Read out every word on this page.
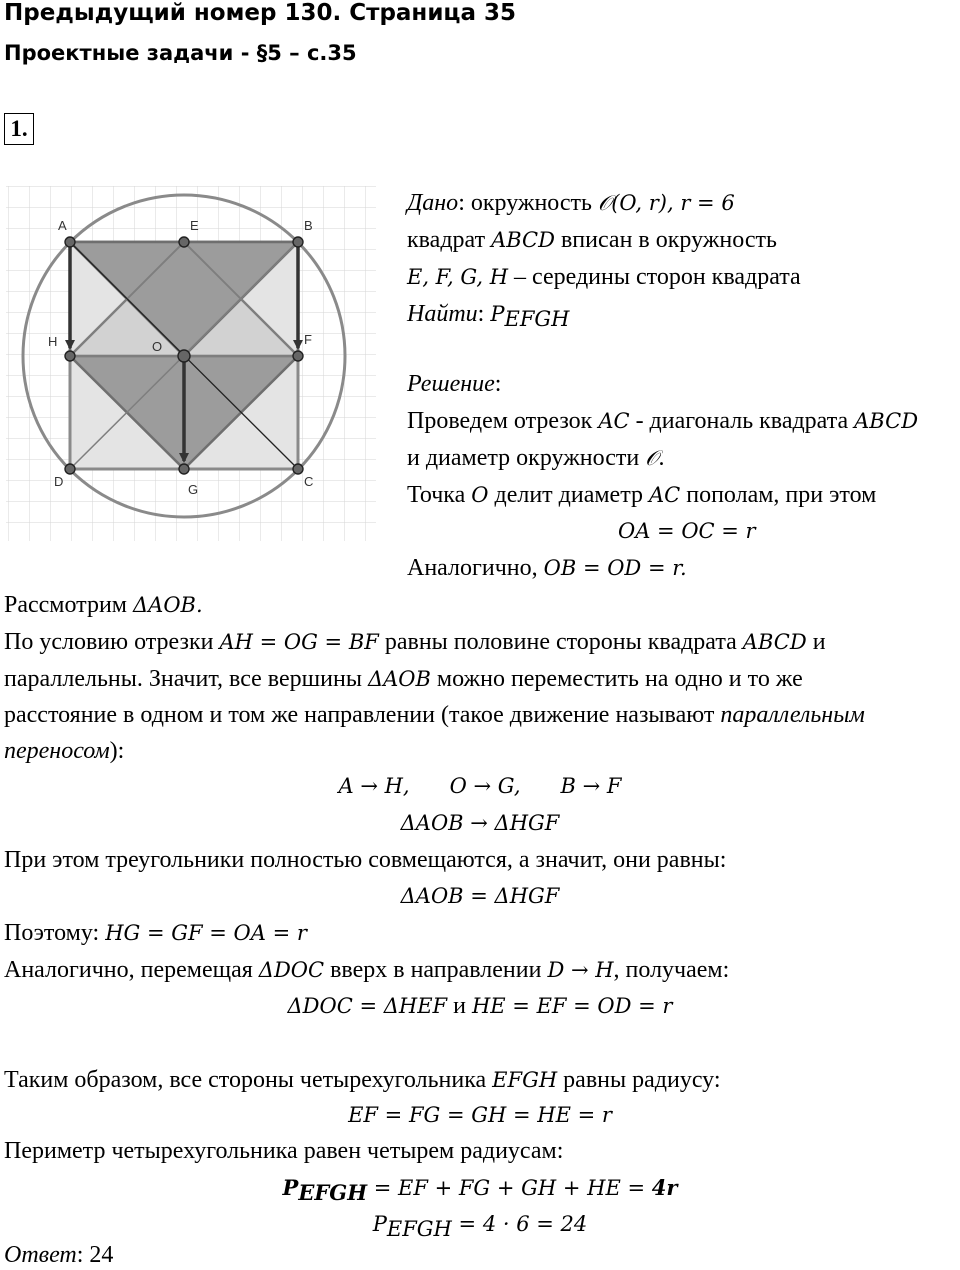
Предыдущий номер 130. Страница 35
Проектные задачи - §5 – с.35
1.
A	E	B
H	O	F
D
G
C
Дано: окружность 𝒪(O, r), r = 6
квадрат ABCD вписан в окружность
E, F, G, H – середины сторон квадрата
Найти: $P_{EFGH}$
Решение:
Проведем отрезок AC - диагональ квадрата ABCD
и диаметр окружности 𝒪.
Точка O делит диаметр AC пополам, при этом
OA = OC = r
Аналогично, OB = OD = r.
Рассмотрим ΔAOB.
По условию отрезки AH = OG = BF равны половине стороны квадрата ABCD и
параллельны. Значит, все вершины ΔAOB можно переместить на одно и то же
расстояние в одном и том же направлении (такое движение называют параллельным
переносом):
A → H,      O → G,      B → F
ΔAOB → ΔHGF
При этом треугольники полностью совмещаются, а значит, они равны:
ΔAOB = ΔHGF
Поэтому: HG = GF = OA = r
Аналогично, перемещая ΔDOC вверх в направлении D → H, получаем:
ΔDOC = ΔHEF и HE = EF = OD = r
Таким образом, все стороны четырехугольника EFGH равны радиусу:
EF = FG = GH = HE = r
Периметр четырехугольника равен четырем радиусам:
$P_{EFGH}$ = EF + FG + GH + HE = 4r
$P_{EFGH} = 4 \cdot 6 = 24$
Ответ: 24
